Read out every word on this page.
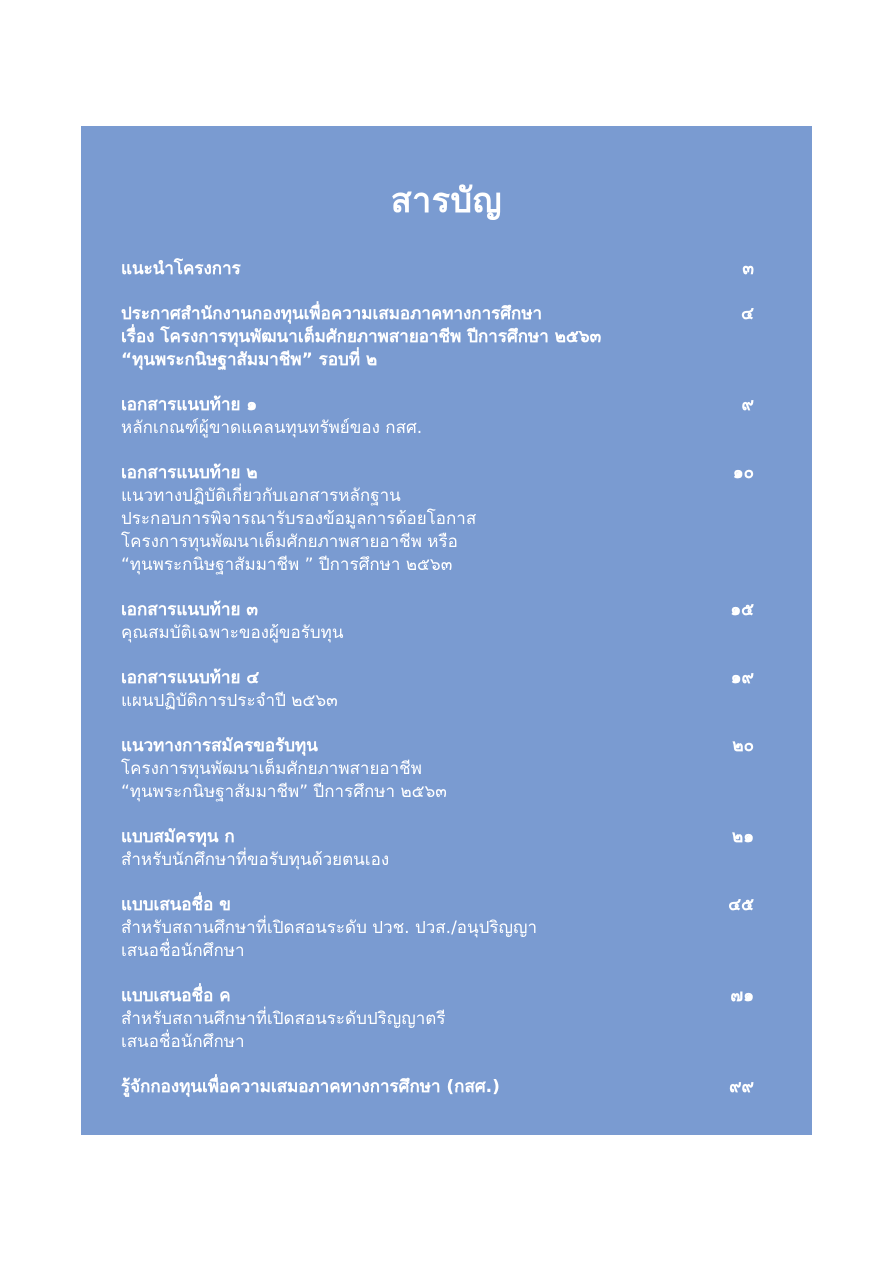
สารบัญ
แนะนำโครงการ	๓
ประกาศสำนักงานกองทุนเพื่อความเสมอภาคทางการศึกษา
เรื่อง โครงการทุนพัฒนาเต็มศักยภาพสายอาชีพ ปีการศึกษา ๒๕๖๓
“ทุนพระกนิษฐาสัมมาชีพ” รอบที่ ๒
๔
เอกสารแนบท้าย ๑
หลักเกณฑ์ผู้ขาดแคลนทุนทรัพย์ของ กสศ.
๙
เอกสารแนบท้าย ๒
แนวทางปฏิบัติเกี่ยวกับเอกสารหลักฐาน
ประกอบการพิจารณารับรองข้อมูลการด้อยโอกาส
โครงการทุนพัฒนาเต็มศักยภาพสายอาชีพ หรือ
“ทุนพระกนิษฐาสัมมาชีพ ” ปีการศึกษา ๒๕๖๓
๑๐
เอกสารแนบท้าย ๓
คุณสมบัติเฉพาะของผู้ขอรับทุน
๑๕
เอกสารแนบท้าย ๔
แผนปฏิบัติการประจำปี ๒๕๖๓
๑๙
แนวทางการสมัครขอรับทุน
โครงการทุนพัฒนาเต็มศักยภาพสายอาชีพ
“ทุนพระกนิษฐาสัมมาชีพ” ปีการศึกษา ๒๕๖๓
๒๐
แบบสมัครทุน ก
สำหรับนักศึกษาที่ขอรับทุนด้วยตนเอง
๒๑
แบบเสนอชื่อ ข
สำหรับสถานศึกษาที่เปิดสอนระดับ ปวช. ปวส./อนุปริญญา
เสนอชื่อนักศึกษา
๔๕
แบบเสนอชื่อ ค
สำหรับสถานศึกษาที่เปิดสอนระดับปริญญาตรี
เสนอชื่อนักศึกษา
๗๑
รู้จักกองทุนเพื่อความเสมอภาคทางการศึกษา (กสศ.)	๙๙
